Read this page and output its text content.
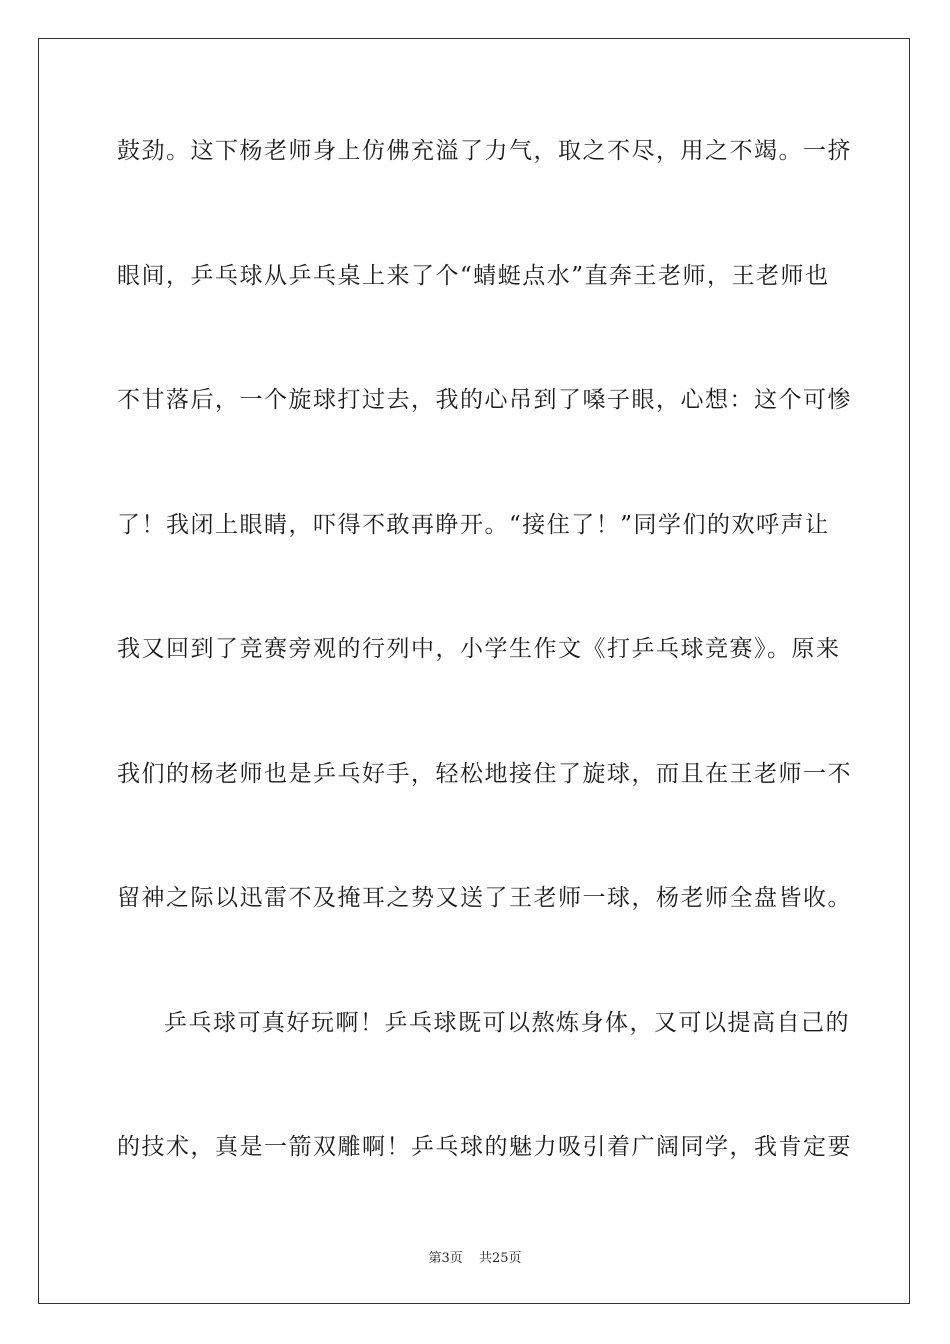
鼓劲。这下杨老师身上仿佛充溢了力气，取之不尽，用之不竭。一挤
眼间，乒乓球从乒乓桌上来了个“蜻蜓点水”直奔王老师，王老师也
不甘落后，一个旋球打过去，我的心吊到了嗓子眼，心想：这个可惨
了！我闭上眼睛，吓得不敢再睁开。“接住了！”同学们的欢呼声让
我又回到了竞赛旁观的行列中，小学生作文《打乒乓球竞赛》。原来
我们的杨老师也是乒乓好手，轻松地接住了旋球，而且在王老师一不
留神之际以迅雷不及掩耳之势又送了王老师一球，杨老师全盘皆收。
乒乓球可真好玩啊！乒乓球既可以熬炼身体，又可以提高自己的
的技术，真是一箭双雕啊！乒乓球的魅力吸引着广阔同学，我肯定要
第3页 共25页
